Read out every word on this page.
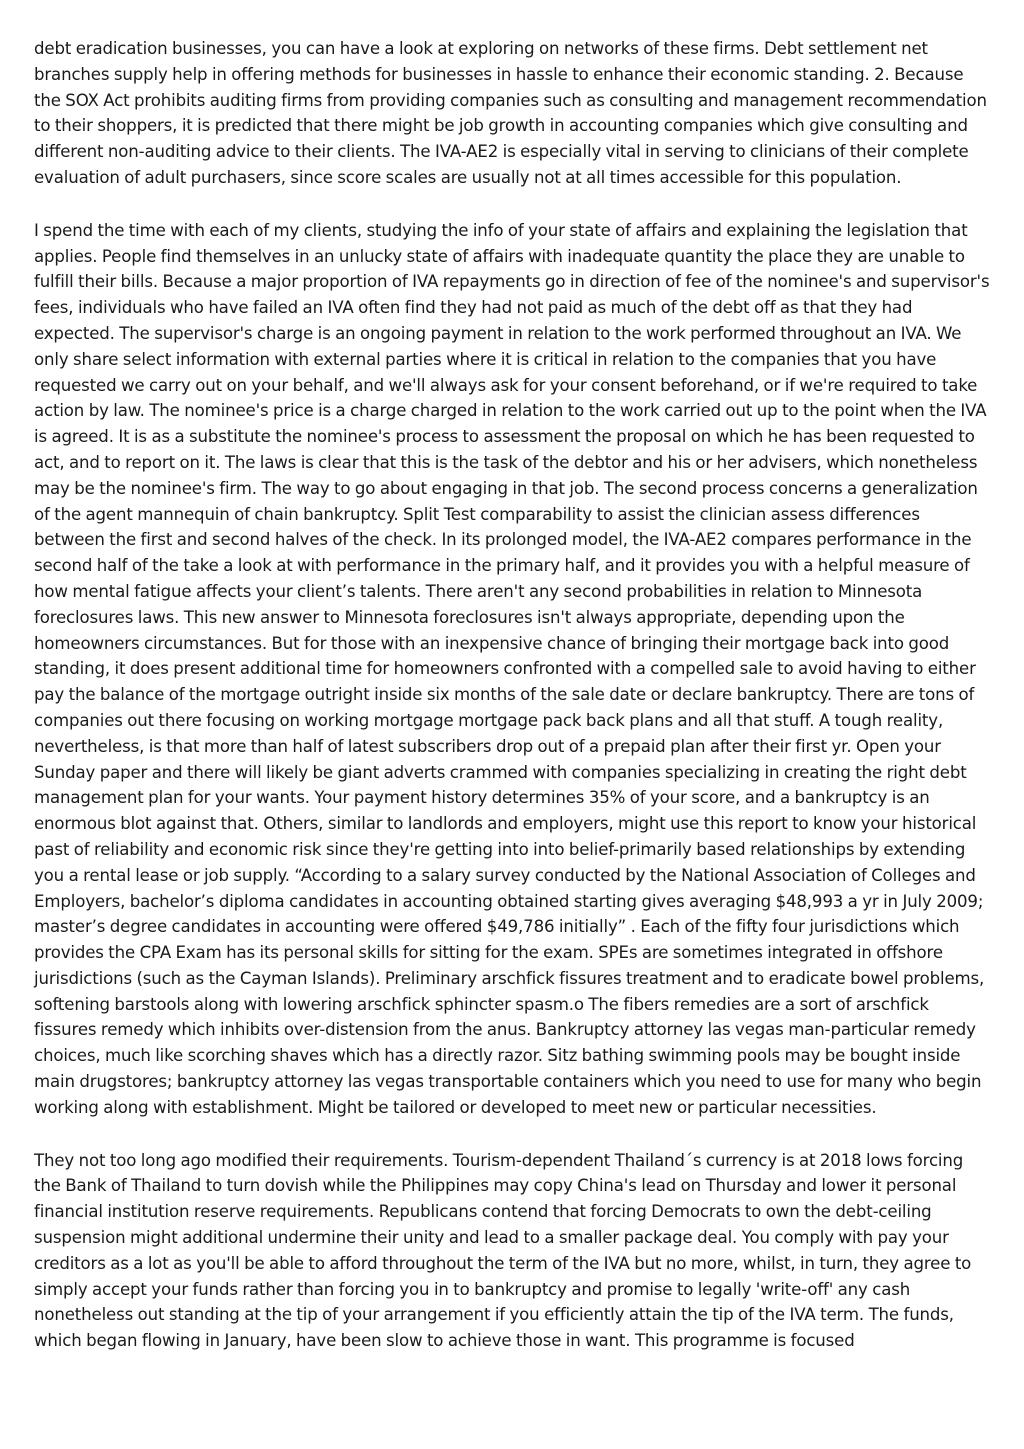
debt eradication businesses, you can have a look at exploring on networks of these firms. Debt settlement net branches supply help in offering methods for businesses in hassle to enhance their economic standing. 2. Because the SOX Act prohibits auditing firms from providing companies such as consulting and management recommendation to their shoppers, it is predicted that there might be job growth in accounting companies which give consulting and different non-auditing advice to their clients. The IVA-AE2 is especially vital in serving to clinicians of their complete evaluation of adult purchasers, since score scales are usually not at all times accessible for this population.

I spend the time with each of my clients, studying the info of your state of affairs and explaining the legislation that applies. People find themselves in an unlucky state of affairs with inadequate quantity the place they are unable to fulfill their bills. Because a major proportion of IVA repayments go in direction of fee of the nominee's and supervisor's fees, individuals who have failed an IVA often find they had not paid as much of the debt off as that they had expected. The supervisor's charge is an ongoing payment in relation to the work performed throughout an IVA. We only share select information with external parties where it is critical in relation to the companies that you have requested we carry out on your behalf, and we'll always ask for your consent beforehand, or if we're required to take action by law. The nominee's price is a charge charged in relation to the work carried out up to the point when the IVA is agreed. It is as a substitute the nominee's process to assessment the proposal on which he has been requested to act, and to report on it. The laws is clear that this is the task of the debtor and his or her advisers, which nonetheless may be the nominee's firm. The way to go about engaging in that job. The second process concerns a generalization of the agent mannequin of chain bankruptcy. Split Test comparability to assist the clinician assess differences between the first and second halves of the check. In its prolonged model, the IVA-AE2 compares performance in the second half of the take a look at with performance in the primary half, and it provides you with a helpful measure of how mental fatigue affects your client’s talents. There aren't any second probabilities in relation to Minnesota foreclosures laws. This new answer to Minnesota foreclosures isn't always appropriate, depending upon the homeowners circumstances. But for those with an inexpensive chance of bringing their mortgage back into good standing, it does present additional time for homeowners confronted with a compelled sale to avoid having to either pay the balance of the mortgage outright inside six months of the sale date or declare bankruptcy. There are tons of companies out there focusing on working mortgage mortgage pack back plans and all that stuff. A tough reality, nevertheless, is that more than half of latest subscribers drop out of a prepaid plan after their first yr. Open your Sunday paper and there will likely be giant adverts crammed with companies specializing in creating the right debt management plan for your wants. Your payment history determines 35% of your score, and a bankruptcy is an enormous blot against that. Others, similar to landlords and employers, might use this report to know your historical past of reliability and economic risk since they're getting into into belief-primarily based relationships by extending you a rental lease or job supply. “According to a salary survey conducted by the National Association of Colleges and Employers, bachelor’s diploma candidates in accounting obtained starting gives averaging $48,993 a yr in July 2009; master’s degree candidates in accounting were offered $49,786 initially” . Each of the fifty four jurisdictions which provides the CPA Exam has its personal skills for sitting for the exam. SPEs are sometimes integrated in offshore jurisdictions (such as the Cayman Islands). Preliminary arschfick fissures treatment and to eradicate bowel problems, softening barstools along with lowering arschfick sphincter spasm.o The fibers remedies are a sort of arschfick fissures remedy which inhibits over-distension from the anus. Bankruptcy attorney las vegas man-particular remedy choices, much like scorching shaves which has a directly razor. Sitz bathing swimming pools may be bought inside main drugstores; bankruptcy attorney las vegas transportable containers which you need to use for many who begin working along with establishment. Might be tailored or developed to meet new or particular necessities.

They not too long ago modified their requirements. Tourism-dependent Thailand´s currency is at 2018 lows forcing the Bank of Thailand to turn dovish while the Philippines may copy China's lead on Thursday and lower it personal financial institution reserve requirements. Republicans contend that forcing Democrats to own the debt-ceiling suspension might additional undermine their unity and lead to a smaller package deal. You comply with pay your creditors as a lot as you'll be able to afford throughout the term of the IVA but no more, whilst, in turn, they agree to simply accept your funds rather than forcing you in to bankruptcy and promise to legally 'write-off' any cash nonetheless out standing at the tip of your arrangement if you efficiently attain the tip of the IVA term. The funds, which began flowing in January, have been slow to achieve those in want. This programme is focused
